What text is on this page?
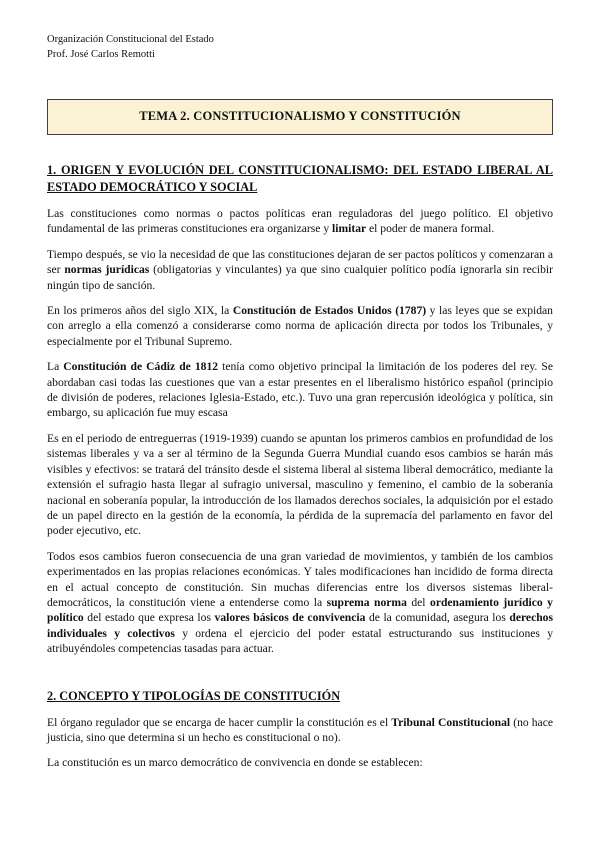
Organización Constitucional del Estado
Prof. José Carlos Remotti
TEMA 2. CONSTITUCIONALISMO Y CONSTITUCIÓN
1. ORIGEN Y EVOLUCIÓN DEL CONSTITUCIONALISMO: DEL ESTADO LIBERAL AL ESTADO DEMOCRÁTICO Y SOCIAL

Las constituciones como normas o pactos políticas eran reguladoras del juego político. El objetivo fundamental de las primeras constituciones era organizarse y limitar el poder de manera formal.

Tiempo después, se vio la necesidad de que las constituciones dejaran de ser pactos políticos y comenzaran a ser normas jurídicas (obligatorias y vinculantes) ya que sino cualquier político podía ignorarla sin recibir ningún tipo de sanción.

En los primeros años del siglo XIX, la Constitución de Estados Unidos (1787) y las leyes que se expidan con arreglo a ella comenzó a considerarse como norma de aplicación directa por todos los Tribunales, y especialmente por el Tribunal Supremo.

La Constitución de Cádiz de 1812 tenía como objetivo principal la limitación de los poderes del rey. Se abordaban casi todas las cuestiones que van a estar presentes en el liberalismo histórico español (principio de división de poderes, relaciones Iglesia-Estado, etc.). Tuvo una gran repercusión ideológica y política, sin embargo, su aplicación fue muy escasa

Es en el periodo de entreguerras (1919-1939) cuando se apuntan los primeros cambios en profundidad de los sistemas liberales y va a ser al término de la Segunda Guerra Mundial cuando esos cambios se harán más visibles y efectivos: se tratará del tránsito desde el sistema liberal al sistema liberal democrático, mediante la extensión el sufragio hasta llegar al sufragio universal, masculino y femenino, el cambio de la soberanía nacional en soberanía popular, la introducción de los llamados derechos sociales, la adquisición por el estado de un papel directo en la gestión de la economía, la pérdida de la supremacía del parlamento en favor del poder ejecutivo, etc.

Todos esos cambios fueron consecuencia de una gran variedad de movimientos, y también de los cambios experimentados en las propias relaciones económicas. Y tales modificaciones han incidido de forma directa en el actual concepto de constitución. Sin muchas diferencias entre los diversos sistemas liberal-democráticos, la constitución viene a entenderse como la suprema norma del ordenamiento jurídico y político del estado que expresa los valores básicos de convivencia de la comunidad, asegura los derechos individuales y colectivos y ordena el ejercicio del poder estatal estructurando sus instituciones y atribuyéndoles competencias tasadas para actuar.

2. CONCEPTO Y TIPOLOGÍAS DE CONSTITUCIÓN

El órgano regulador que se encarga de hacer cumplir la constitución es el Tribunal Constitucional (no hace justicia, sino que determina si un hecho es constitucional o no).

La constitución es un marco democrático de convivencia en donde se establecen:
